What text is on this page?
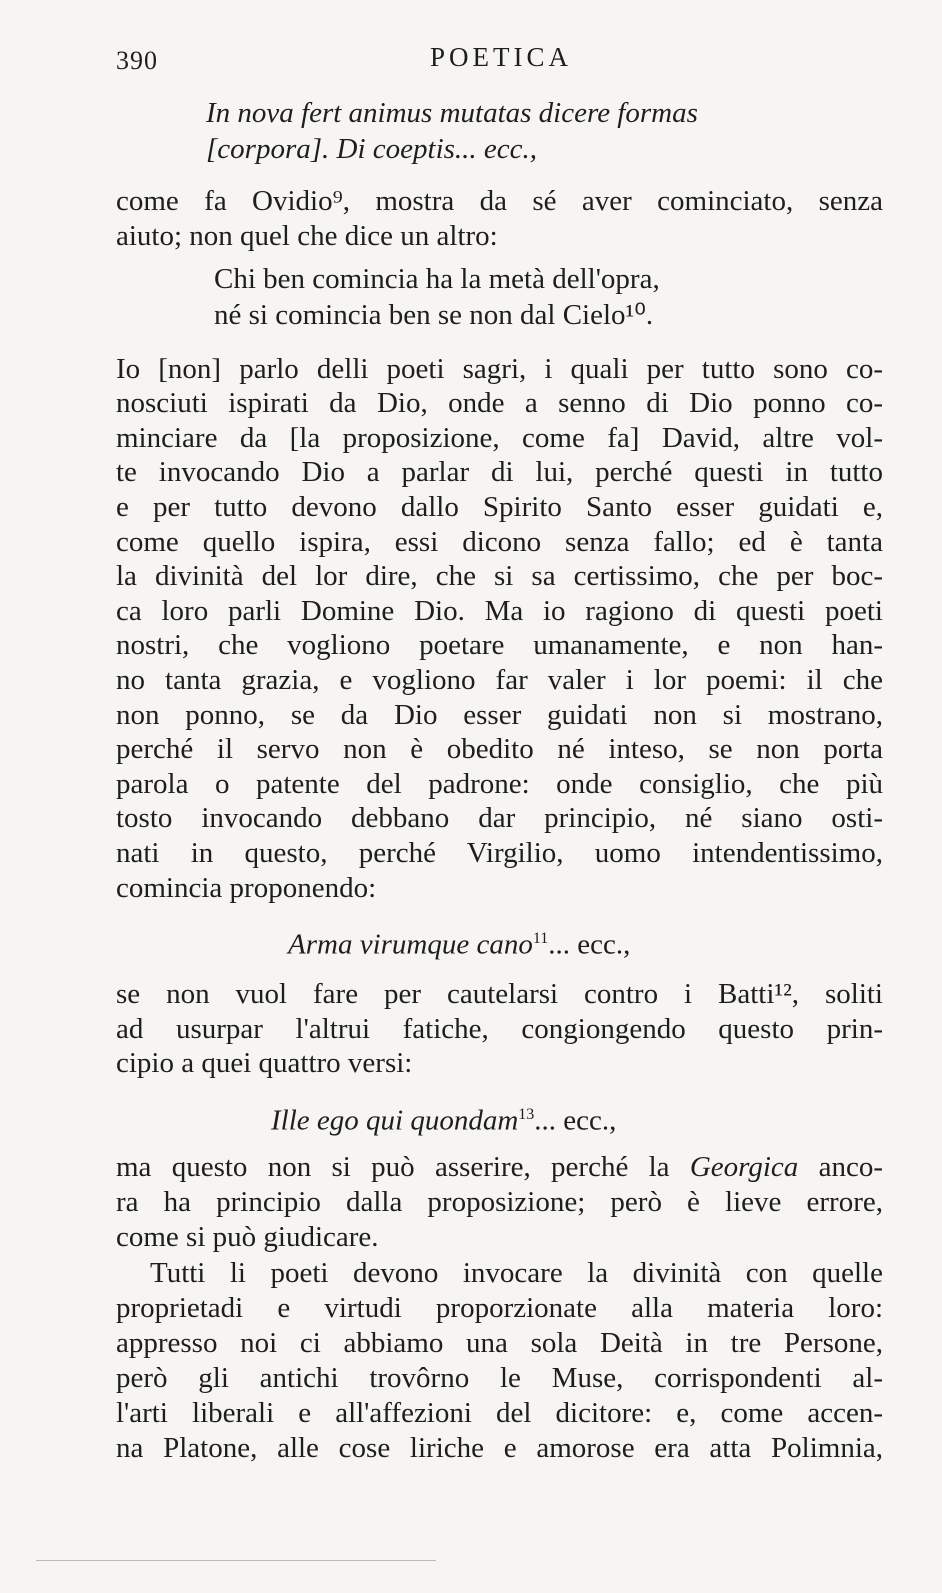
390	POETICA
In nova fert animus mutatas dicere formas
[corpora]. Di coeptis... ecc.,
come fa Ovidio⁹, mostra da sé aver cominciato, senza
aiuto; non quel che dice un altro:
Chi ben comincia ha la metà dell'opra,
né si comincia ben se non dal Cielo¹⁰.
Io [non] parlo delli poeti sagri, i quali per tutto sono co-
nosciuti ispirati da Dio, onde a senno di Dio ponno co-
minciare da [la proposizione, come fa] David, altre vol-
te invocando Dio a parlar di lui, perché questi in tutto
e per tutto devono dallo Spirito Santo esser guidati e,
come quello ispira, essi dicono senza fallo; ed è tanta
la divinità del lor dire, che si sa certissimo, che per boc-
ca loro parli Domine Dio. Ma io ragiono di questi poeti
nostri, che vogliono poetare umanamente, e non han-
no tanta grazia, e vogliono far valer i lor poemi: il che
non ponno, se da Dio esser guidati non si mostrano,
perché il servo non è obedito né inteso, se non porta
parola o patente del padrone: onde consiglio, che più
tosto invocando debbano dar principio, né siano osti-
nati in questo, perché Virgilio, uomo intendentissimo,
comincia proponendo:
Arma virumque cano$^{11}$... ecc.,
se non vuol fare per cautelarsi contro i Batti¹², soliti
ad usurpar l'altrui fatiche, congiongendo questo prin-
cipio a quei quattro versi:
Ille ego qui quondam$^{13}$... ecc.,
ma questo non si può asserire, perché la Georgica anco-
ra ha principio dalla proposizione; però è lieve errore,
come si può giudicare.
Tutti li poeti devono invocare la divinità con quelle
proprietadi e virtudi proporzionate alla materia loro:
appresso noi ci abbiamo una sola Deità in tre Persone,
però gli antichi trovôrno le Muse, corrispondenti al-
l'arti liberali e all'affezioni del dicitore: e, come accen-
na Platone, alle cose liriche e amorose era atta Polimnia,
